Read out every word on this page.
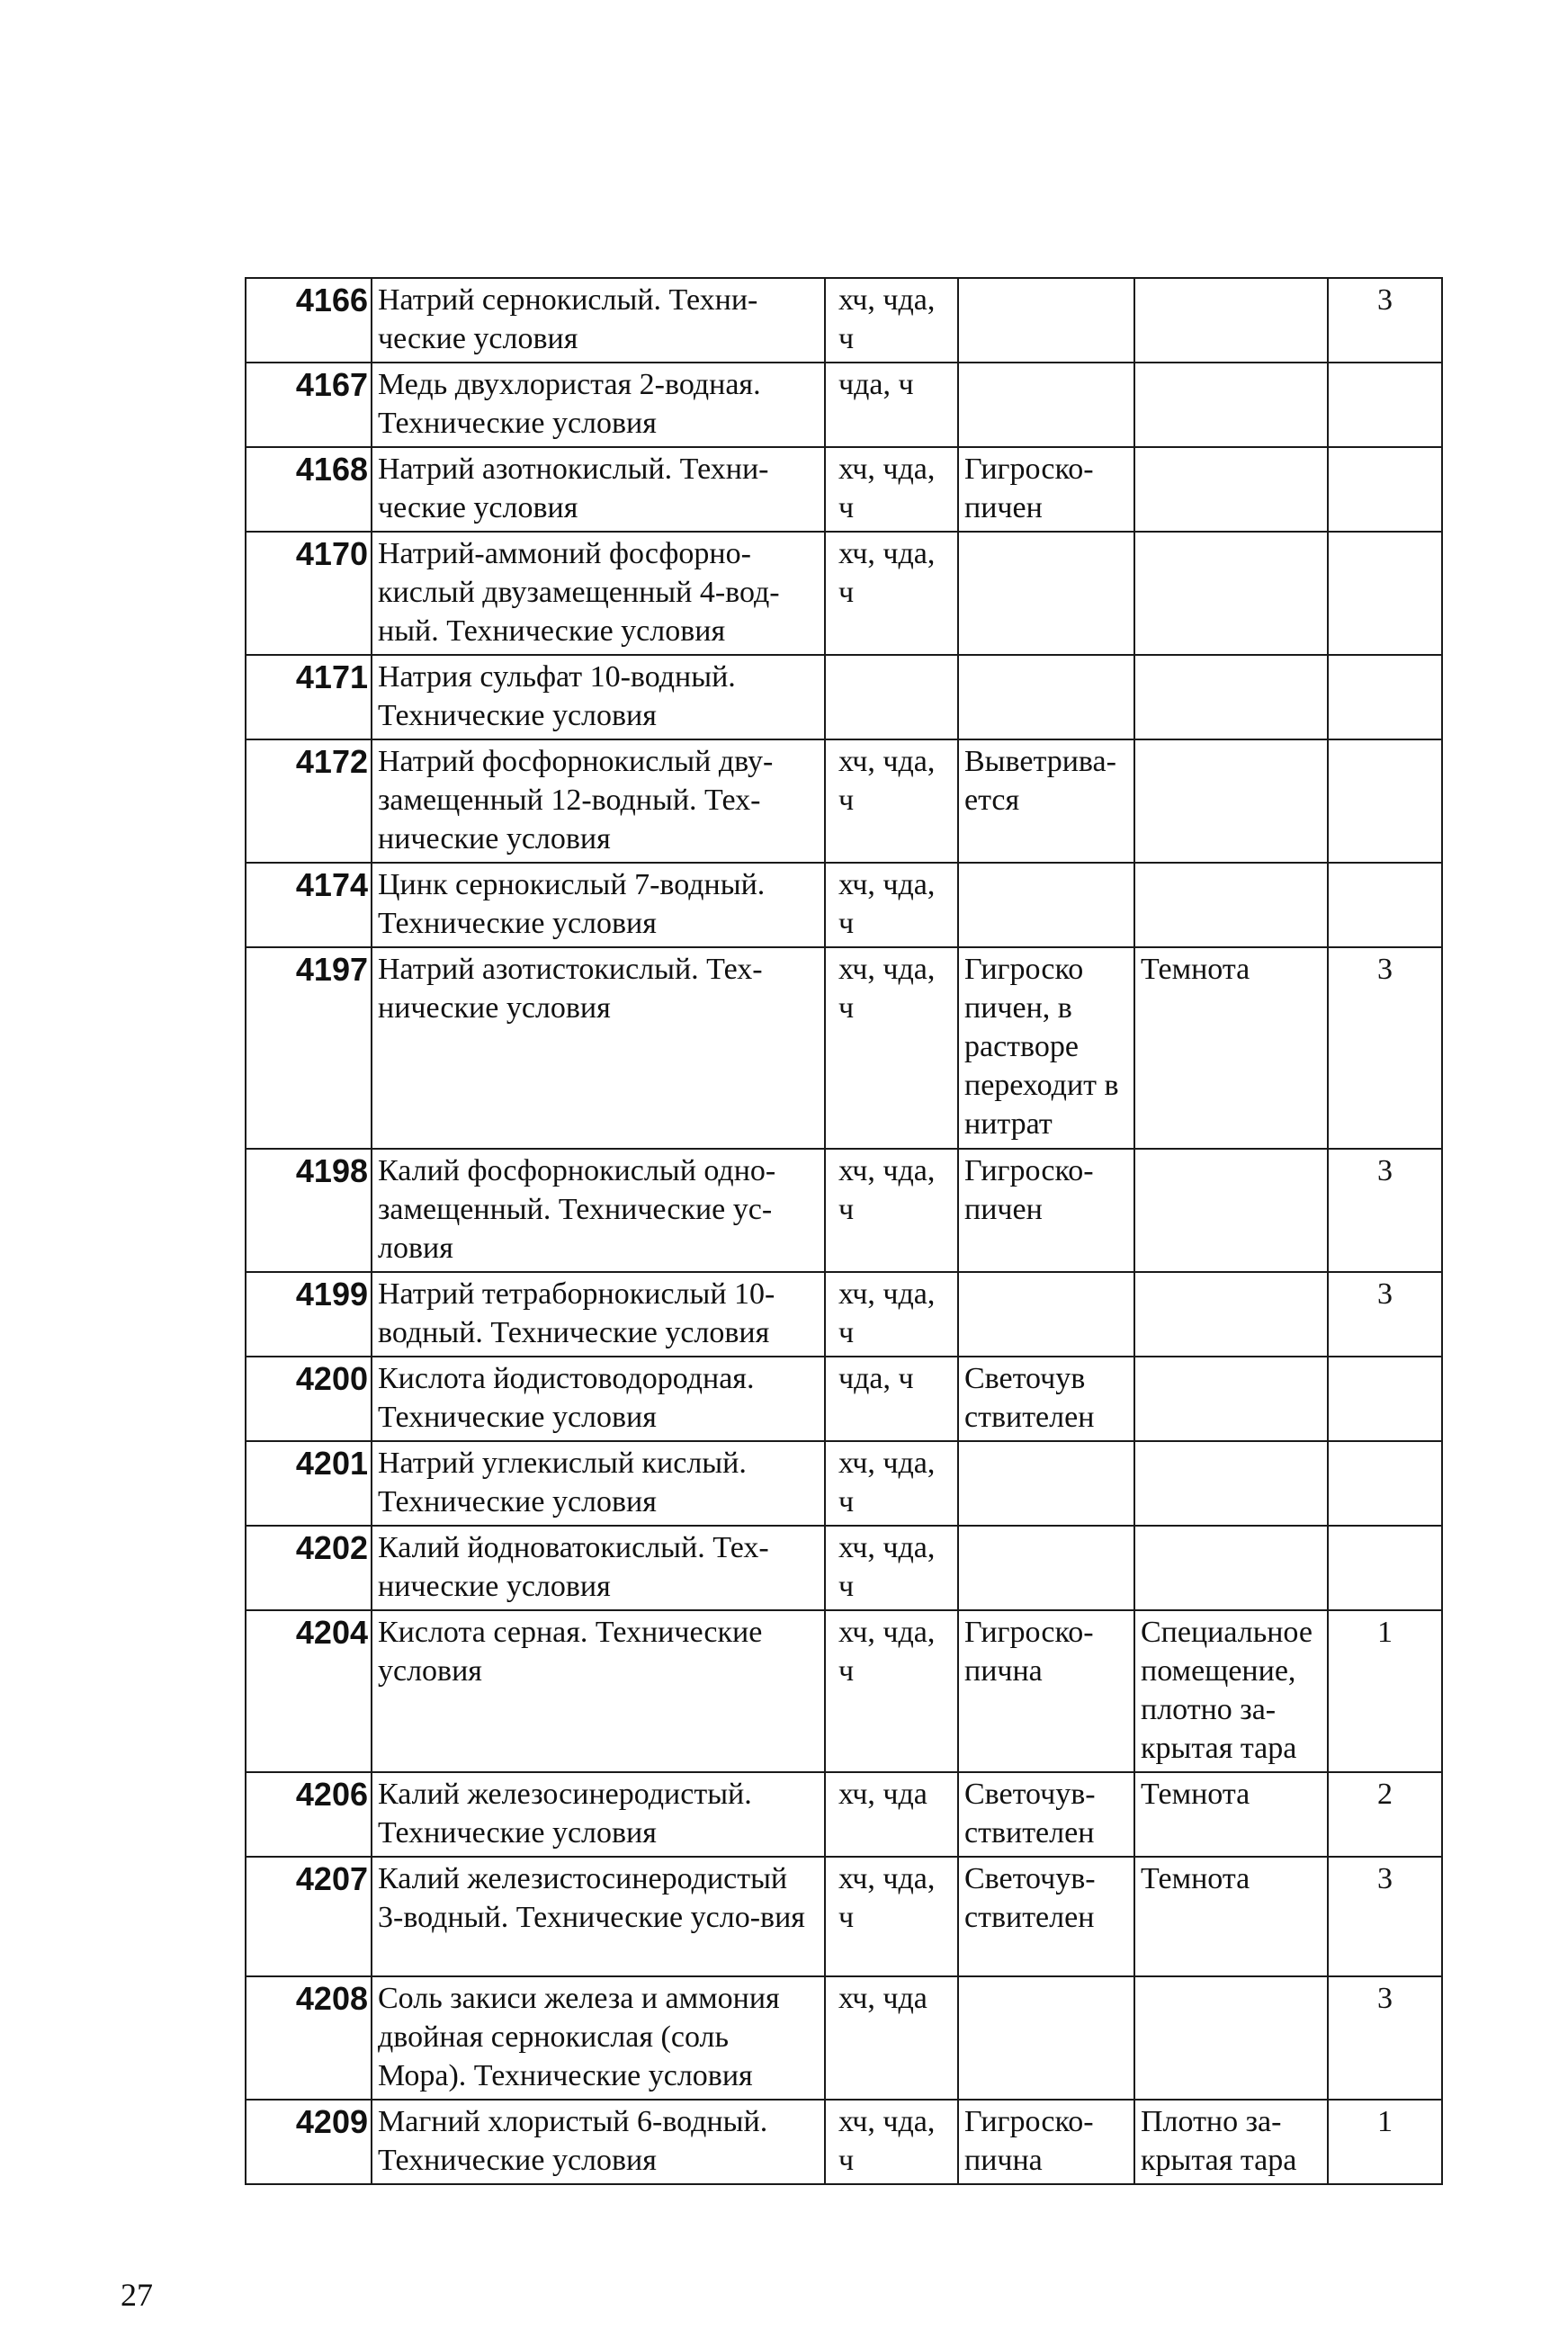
4166	Натрий сернокислый. Техни-ческие условия	хч, чда, ч			3
4167	Медь двухлористая 2-водная. Технические условия	чда, ч			
4168	Натрий азотнокислый. Техни-ческие условия	хч, чда, ч	Гигроско-пичен		
4170	Натрий-аммоний фосфорно-кислый двузамещенный 4-вод-ный. Технические условия	хч, чда, ч			
4171	Натрия сульфат 10-водный. Технические условия				
4172	Натрий фосфорнокислый дву-замещенный 12-водный. Тех-нические условия	хч, чда, ч	Выветрива-ется		
4174	Цинк сернокислый 7-водный. Технические условия	хч, чда, ч			
4197	Натрий азотистокислый. Тех-нические условия	хч, чда, ч	Гигроско пичен, в растворе переходит в нитрат	Темнота	3
4198	Калий фосфорнокислый одно-замещенный. Технические ус-ловия	хч, чда, ч	Гигроско-пичен		3
4199	Натрий тетраборнокислый 10-водный. Технические условия	хч, чда, ч			3
4200	Кислота йодистоводородная. Технические условия	чда, ч	Светочув ствителен		
4201	Натрий углекислый кислый. Технические условия	хч, чда, ч			
4202	Калий йодноватокислый. Тех-нические условия	хч, чда, ч			
4204	Кислота серная. Технические условия	хч, чда, ч	Гигроско-пична	Специальное помещение, плотно за-крытая тара	1
4206	Калий железосинеродистый. Технические условия	хч, чда	Светочув-ствителен	Темнота	2
4207	Калий железистосинеродистый 3-водный. Технические усло-вия	хч, чда, ч	Светочув-ствителен	Темнота	3
4208	Соль закиси железа и аммония двойная сернокислая (соль Мора). Технические условия	хч, чда			3
4209	Магний хлористый 6-водный. Технические условия	хч, чда, ч	Гигроско-пична	Плотно за-крытая тара	1
27
